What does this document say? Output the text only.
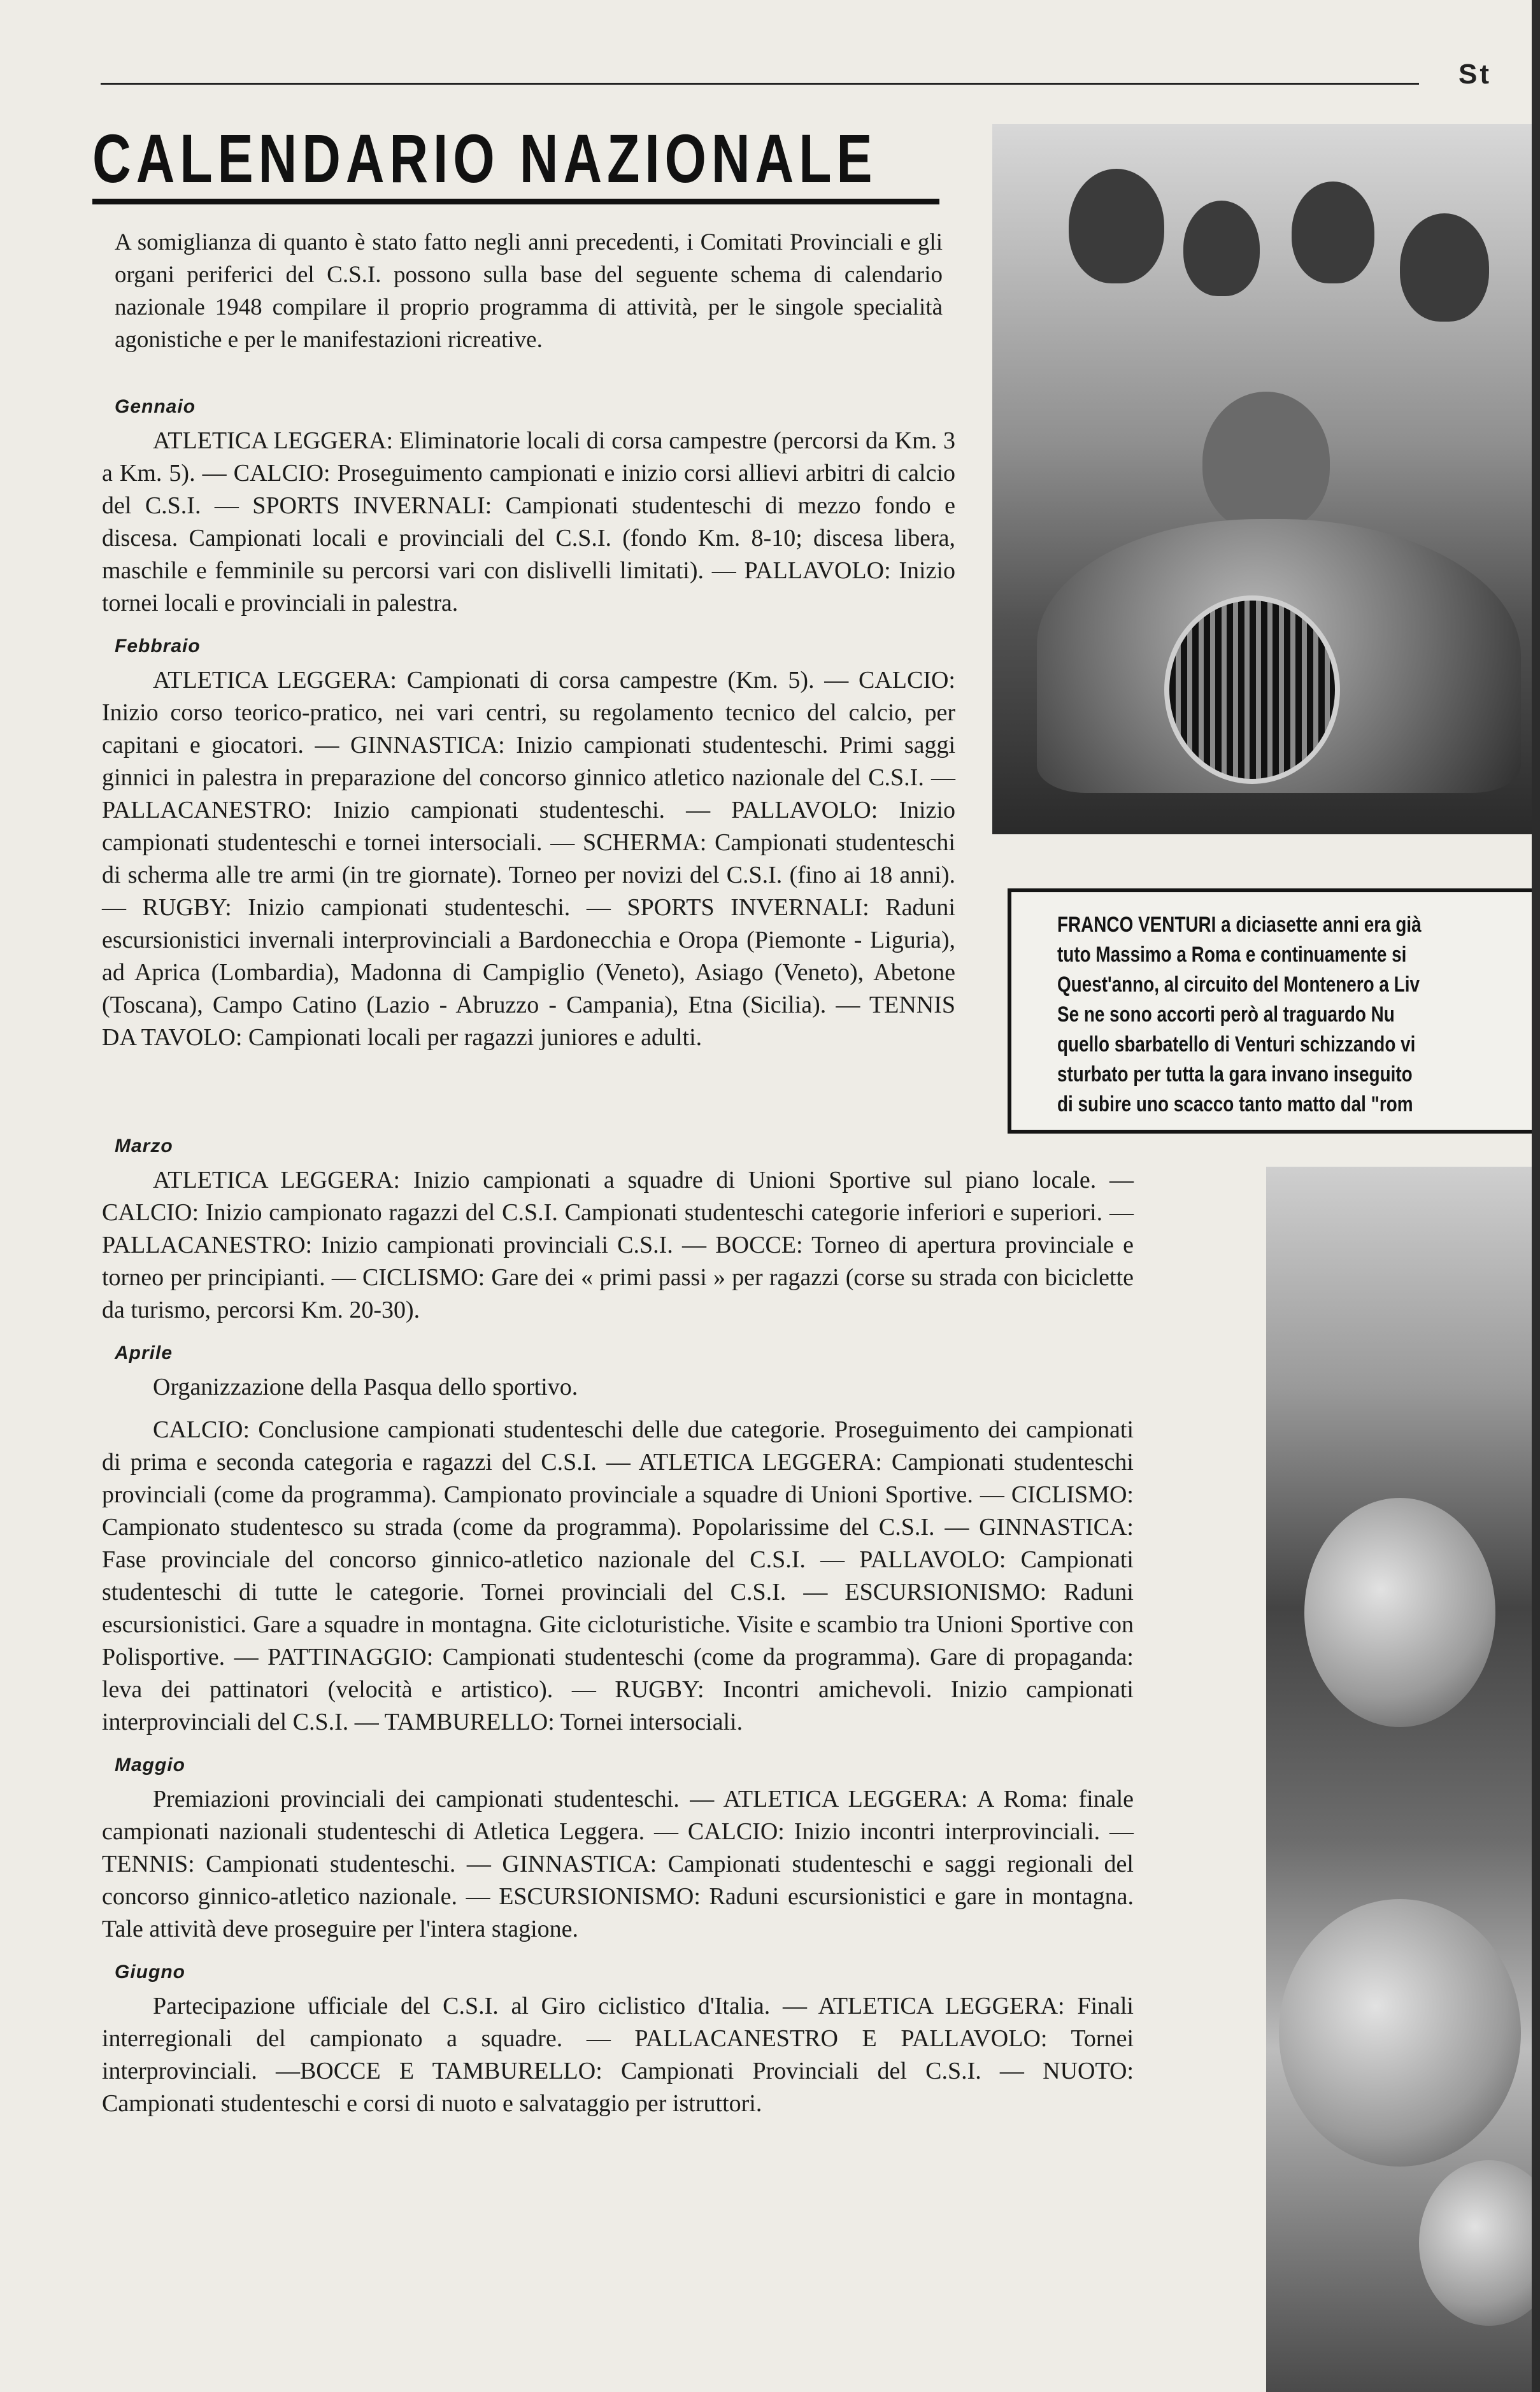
St
CALENDARIO NAZIONALE
A somiglianza di quanto è stato fatto negli anni precedenti, i Comitati Provinciali e gli organi periferici del C.S.I. possono sulla base del seguente schema di calendario nazionale 1948 compilare il proprio programma di attività, per le singole specialità agonistiche e per le manifestazioni ricreative.
Gennaio

ATLETICA LEGGERA: Eliminatorie locali di corsa campestre (percorsi da Km. 3 a Km. 5). — CALCIO: Proseguimento campionati e inizio corsi allievi arbitri di calcio del C.S.I. — SPORTS INVERNALI: Campionati studenteschi di mezzo fondo e discesa. Campionati locali e provinciali del C.S.I. (fondo Km. 8-10; discesa libera, maschile e femminile su percorsi vari con dislivelli limitati). — PALLAVOLO: Inizio tornei locali e provinciali in palestra.

Febbraio

ATLETICA LEGGERA: Campionati di corsa campestre (Km. 5). — CALCIO: Inizio corso teorico-pratico, nei vari centri, su regolamento tecnico del calcio, per capitani e giocatori. — GINNASTICA: Inizio campionati studenteschi. Primi saggi ginnici in palestra in preparazione del concorso ginnico atletico nazionale del C.S.I. — PALLACANESTRO: Inizio campionati studenteschi. — PALLAVOLO: Inizio campionati studenteschi e tornei intersociali. — SCHERMA: Campionati studenteschi di scherma alle tre armi (in tre giornate). Torneo per novizi del C.S.I. (fino ai 18 anni). — RUGBY: Inizio campionati studenteschi. — SPORTS INVERNALI: Raduni escursionistici invernali interprovinciali a Bardonecchia e Oropa (Piemonte - Liguria), ad Aprica (Lombardia), Madonna di Campiglio (Veneto), Asiago (Veneto), Abetone (Toscana), Campo Catino (Lazio - Abruzzo - Campania), Etna (Sicilia). — TENNIS DA TAVOLO: Campionati locali per ragazzi juniores e adulti.

Marzo

ATLETICA LEGGERA: Inizio campionati a squadre di Unioni Sportive sul piano locale. — CALCIO: Inizio campionato ragazzi del C.S.I. Campionati studenteschi categorie inferiori e superiori. — PALLACANESTRO: Inizio campionati provinciali C.S.I. — BOCCE: Torneo di apertura provinciale e torneo per principianti. — CICLISMO: Gare dei « primi passi » per ragazzi (corse su strada con biciclette da turismo, percorsi Km. 20-30).

Aprile

Organizzazione della Pasqua dello sportivo.

CALCIO: Conclusione campionati studenteschi delle due categorie. Proseguimento dei campionati di prima e seconda categoria e ragazzi del C.S.I. — ATLETICA LEGGERA: Campionati studenteschi provinciali (come da programma). Campionato provinciale a squadre di Unioni Sportive. — CICLISMO: Campionato studentesco su strada (come da programma). Popolarissime del C.S.I. — GINNASTICA: Fase provinciale del concorso ginnico-atletico nazionale del C.S.I. — PALLAVOLO: Campionati studenteschi di tutte le categorie. Tornei provinciali del C.S.I. — ESCURSIONISMO: Raduni escursionistici. Gare a squadre in montagna. Gite cicloturistiche. Visite e scambio tra Unioni Sportive con Polisportive. — PATTINAGGIO: Campionati studenteschi (come da programma). Gare di propaganda: leva dei pattinatori (velocità e artistico). — RUGBY: Incontri amichevoli. Inizio campionati interprovinciali del C.S.I. — TAMBURELLO: Tornei intersociali.

Maggio

Premiazioni provinciali dei campionati studenteschi. — ATLETICA LEGGERA: A Roma: finale campionati nazionali studenteschi di Atletica Leggera. — CALCIO: Inizio incontri interprovinciali. — TENNIS: Campionati studenteschi. — GINNASTICA: Campionati studenteschi e saggi regionali del concorso ginnico-atletico nazionale. — ESCURSIONISMO: Raduni escursionistici e gare in montagna. Tale attività deve proseguire per l'intera stagione.

Giugno

Partecipazione ufficiale del C.S.I. al Giro ciclistico d'Italia. — ATLETICA LEGGERA: Finali interregionali del campionato a squadre. — PALLACANESTRO E PALLAVOLO: Tornei interprovinciali. —BOCCE E TAMBURELLO: Campionati Provinciali del C.S.I. — NUOTO: Campionati studenteschi e corsi di nuoto e salvataggio per istruttori.

FRANCO VENTURI a diciasette anni era già
tuto Massimo a Roma e continuamente si
Quest'anno, al circuito del Montenero a Liv
Se ne sono accorti però al traguardo Nu
quello sbarbatello di Venturi schizzando vi
sturbato per tutta la gara invano inseguito
di subire uno scacco tanto matto dal "rom
